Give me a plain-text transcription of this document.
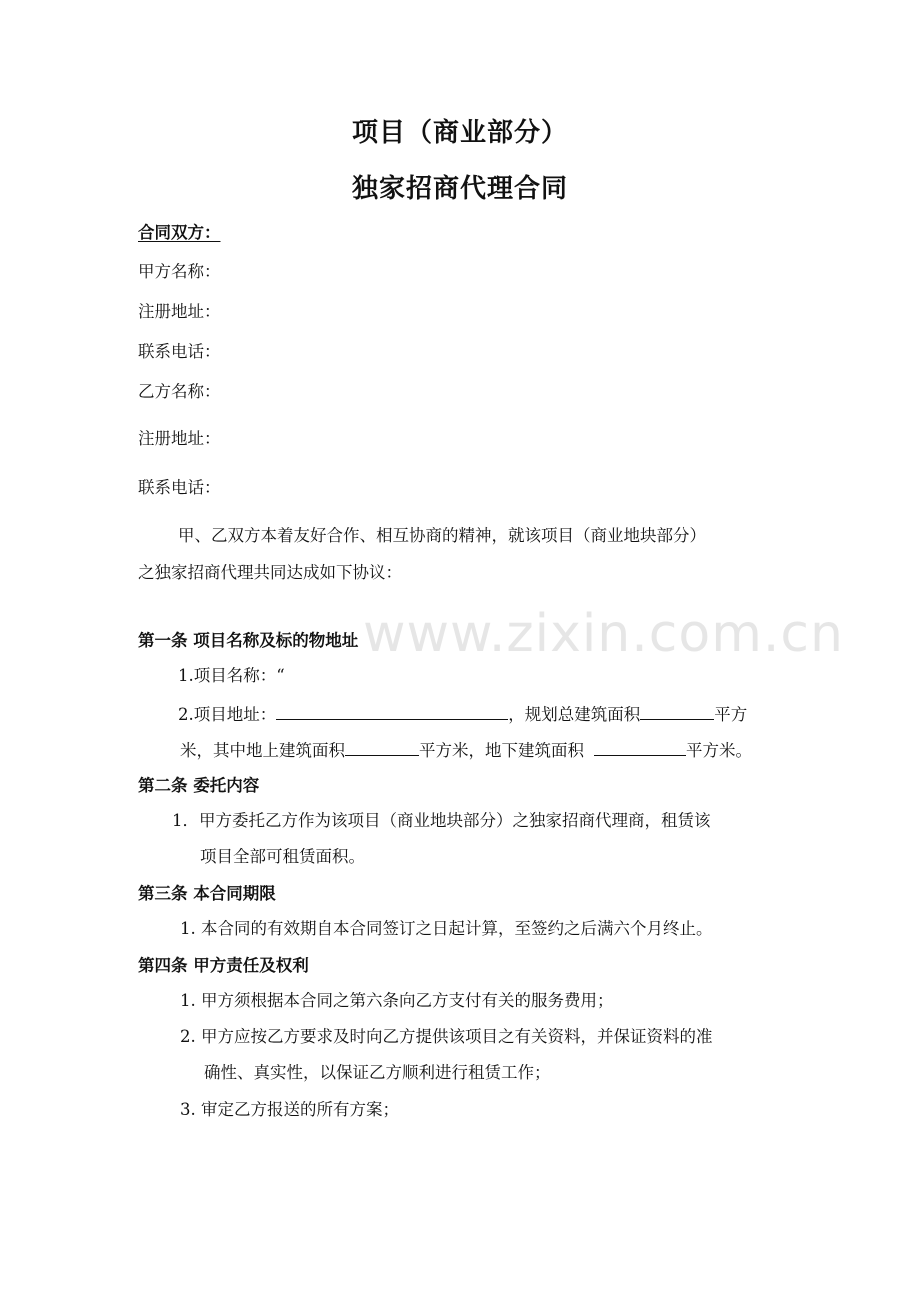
www.zixin.com.cn
项目（商业部分）
独家招商代理合同
合同双方：
甲方名称：
注册地址：
联系电话：
乙方名称：
注册地址：
联系电话：
甲、乙双方本着友好合作、相互协商的精神，就该项目（商业地块部分）
之独家招商代理共同达成如下协议：
第一条 项目名称及标的物地址
1.项目名称：“
2.项目地址：	，规划总建筑面积	平方
米，其中地上建筑面积	平方米，地下建筑面积	平方米。
第二条 委托内容
1．甲方委托乙方作为该项目（商业地块部分）之独家招商代理商，租赁该
项目全部可租赁面积。
第三条 本合同期限
1. 本合同的有效期自本合同签订之日起计算，至签约之后满六个月终止。
第四条 甲方责任及权利
1. 甲方须根据本合同之第六条向乙方支付有关的服务费用；
2. 甲方应按乙方要求及时向乙方提供该项目之有关资料，并保证资料的准
确性、真实性，以保证乙方顺利进行租赁工作；
3. 审定乙方报送的所有方案；
